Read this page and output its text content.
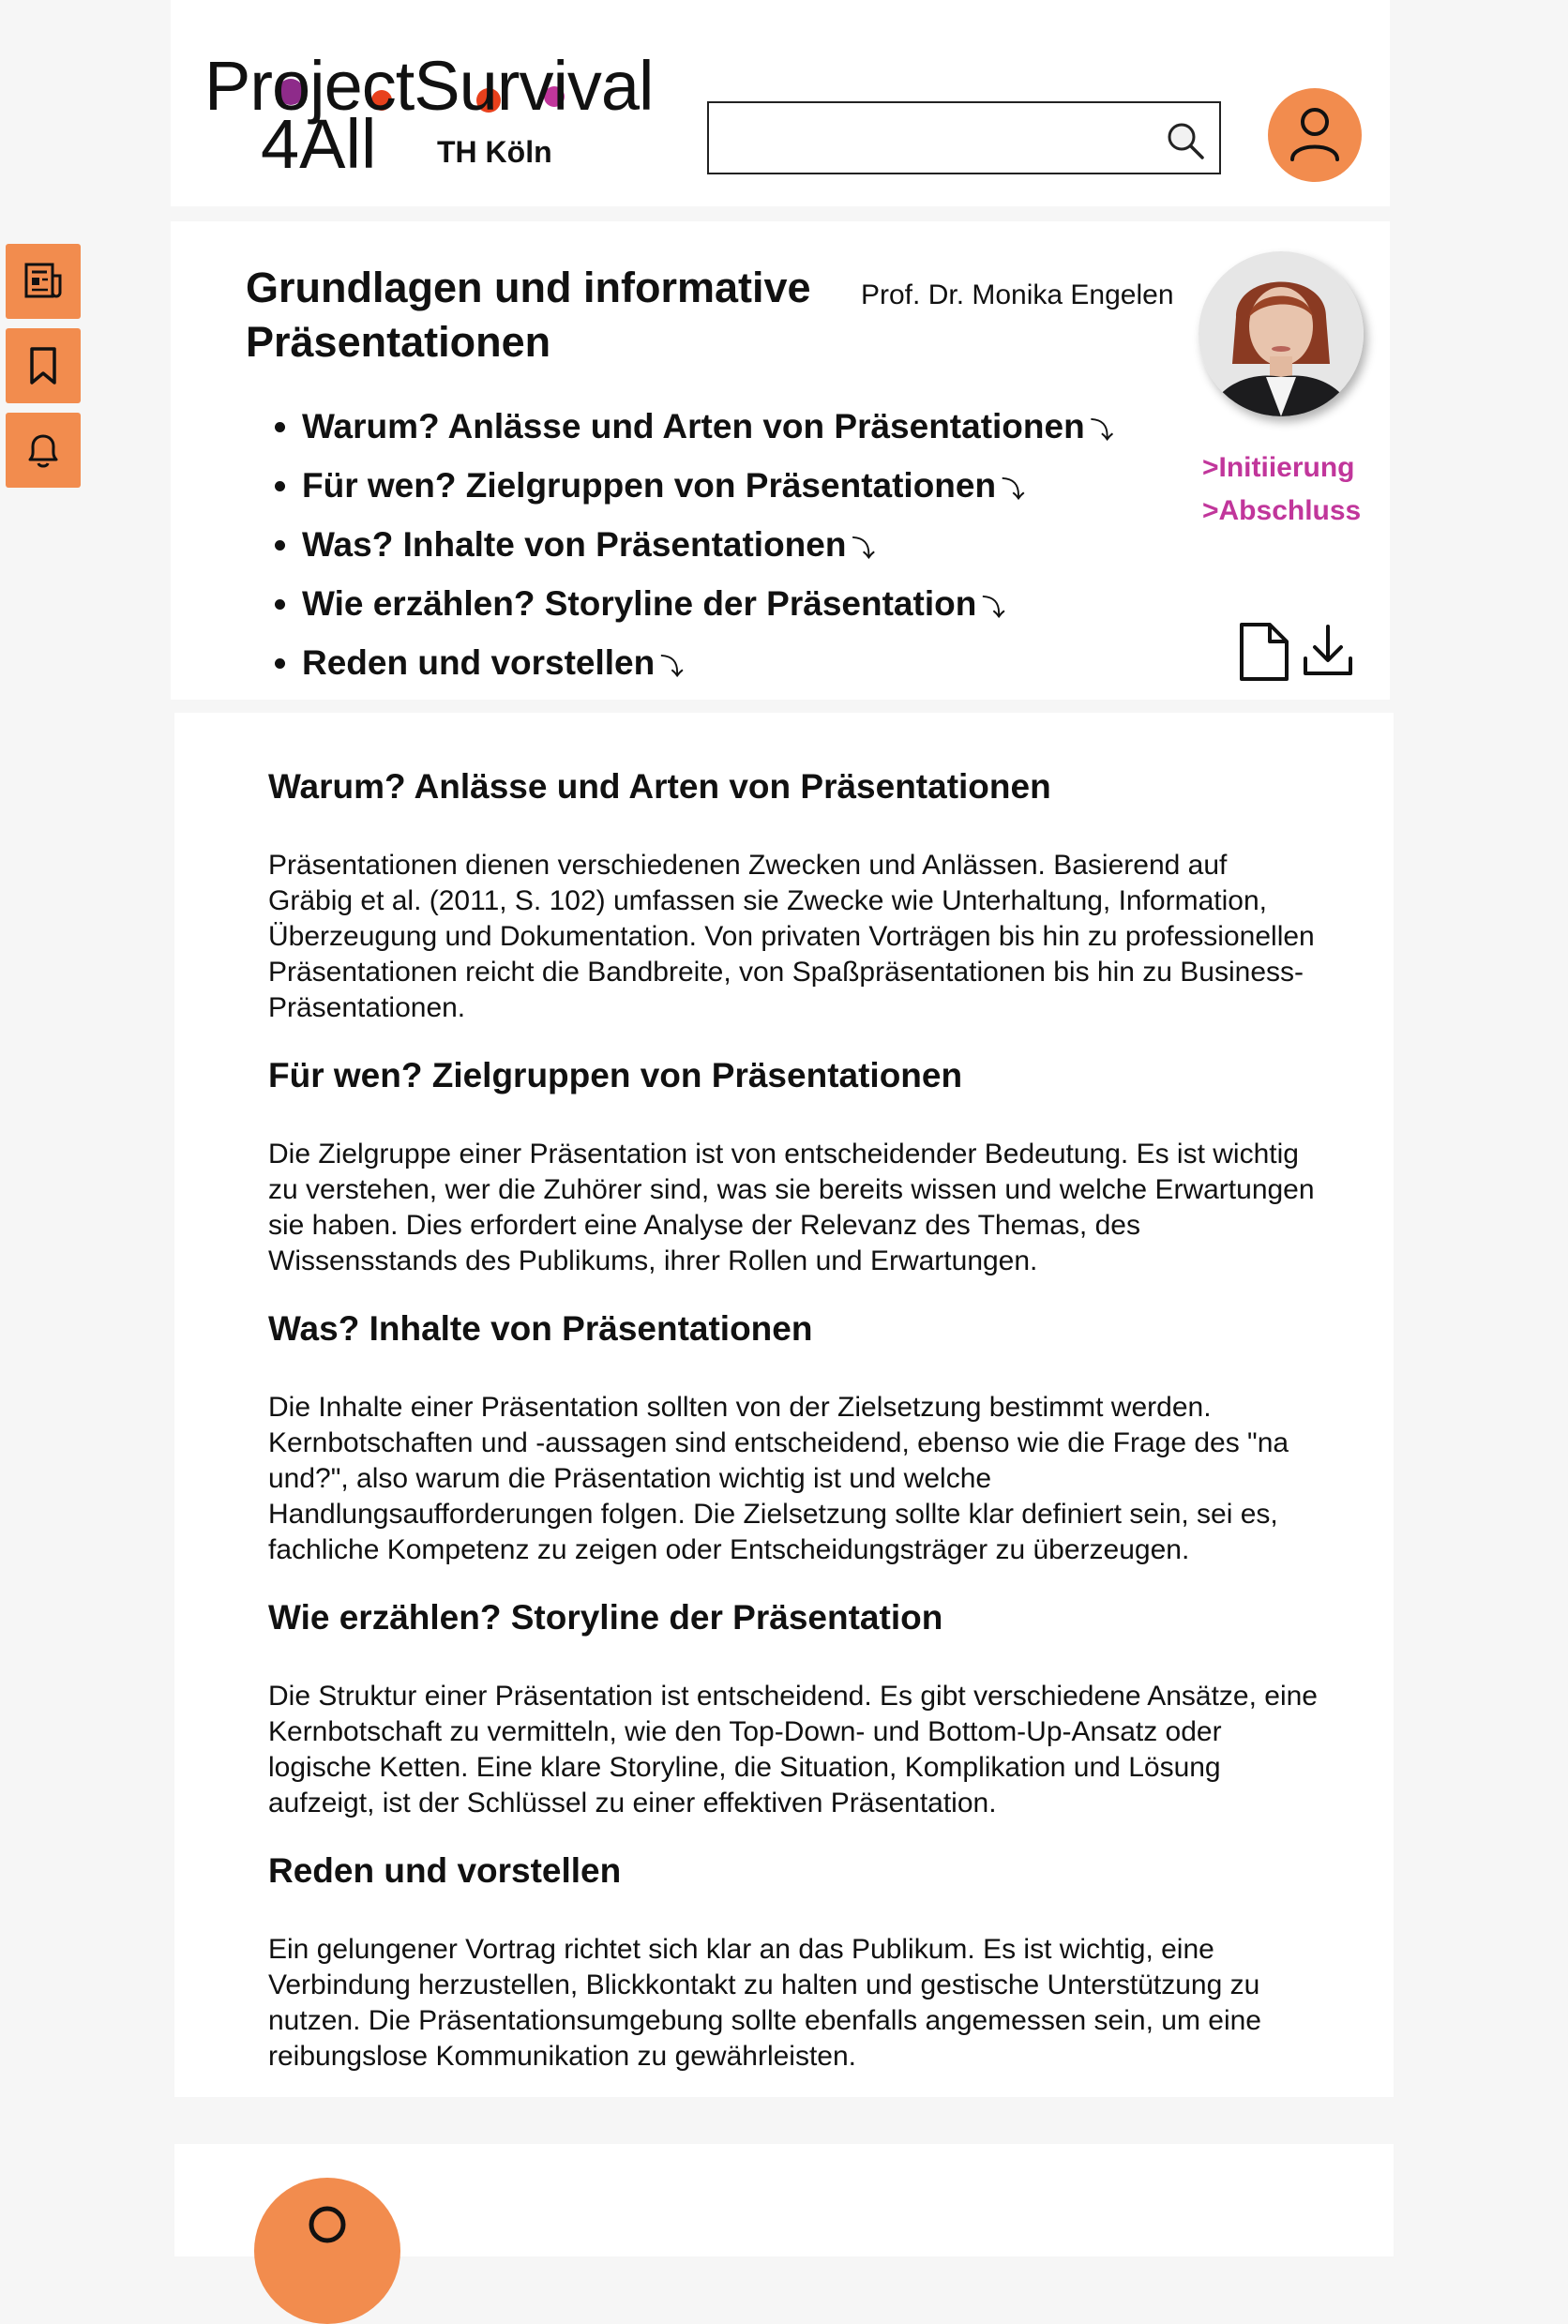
ProjectSurvival
4All TH Köln
Grundlagen und informative Präsentationen
Prof. Dr. Monika Engelen
>Initiierung
>Abschluss
• Warum? Anlässe und Arten von Präsentationen ⤵
• Für wen? Zielgruppen von Präsentationen ⤵
• Was? Inhalte von Präsentationen ⤵
• Wie erzählen? Storyline der Präsentation ⤵
• Reden und vorstellen ⤵
Warum? Anlässe und Arten von Präsentationen

Präsentationen dienen verschiedenen Zwecken und Anlässen. Basierend auf Gräbig et al. (2011, S. 102) umfassen sie Zwecke wie Unterhaltung, Information, Überzeugung und Dokumentation. Von privaten Vorträgen bis hin zu professionellen Präsentationen reicht die Bandbreite, von Spaßpräsentationen bis hin zu Business-Präsentationen.

Für wen? Zielgruppen von Präsentationen

Die Zielgruppe einer Präsentation ist von entscheidender Bedeutung. Es ist wichtig zu verstehen, wer die Zuhörer sind, was sie bereits wissen und welche Erwartungen sie haben. Dies erfordert eine Analyse der Relevanz des Themas, des Wissensstands des Publikums, ihrer Rollen und Erwartungen.

Was? Inhalte von Präsentationen

Die Inhalte einer Präsentation sollten von der Zielsetzung bestimmt werden. Kernbotschaften und -aussagen sind entscheidend, ebenso wie die Frage des "na und?", also warum die Präsentation wichtig ist und welche Handlungsaufforderungen folgen. Die Zielsetzung sollte klar definiert sein, sei es, fachliche Kompetenz zu zeigen oder Entscheidungsträger zu überzeugen.

Wie erzählen? Storyline der Präsentation

Die Struktur einer Präsentation ist entscheidend. Es gibt verschiedene Ansätze, eine Kernbotschaft zu vermitteln, wie den Top-Down- und Bottom-Up-Ansatz oder logische Ketten. Eine klare Storyline, die Situation, Komplikation und Lösung aufzeigt, ist der Schlüssel zu einer effektiven Präsentation.

Reden und vorstellen

Ein gelungener Vortrag richtet sich klar an das Publikum. Es ist wichtig, eine Verbindung herzustellen, Blickkontakt zu halten und gestische Unterstützung zu nutzen. Die Präsentationsumgebung sollte ebenfalls angemessen sein, um eine reibungslose Kommunikation zu gewährleisten.
